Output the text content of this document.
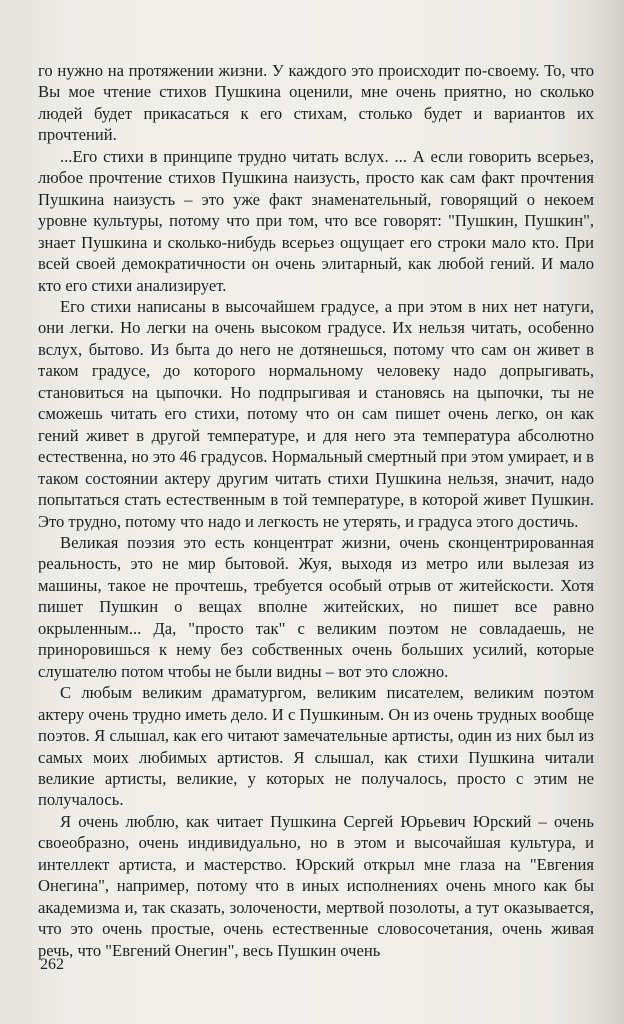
го нужно на протяжении жизни. У каждого это происходит по-своему. То, что Вы мое чтение стихов Пушкина оценили, мне очень приятно, но сколько людей будет прикасаться к его стихам, столько будет и вариантов их прочтений.

...Его стихи в принципе трудно читать вслух. ... А если говорить всерьез, любое прочтение стихов Пушкина наизусть, просто как сам факт прочтения Пушкина наизусть – это уже факт знаменательный, говорящий о некоем уровне культуры, потому что при том, что все говорят: "Пушкин, Пушкин", знает Пушкина и сколько-нибудь всерьез ощущает его строки мало кто. При всей своей демократичности он очень элитарный, как любой гений. И мало кто его стихи анализирует.

Его стихи написаны в высочайшем градусе, а при этом в них нет натуги, они легки. Но легки на очень высоком градусе. Их нельзя читать, особенно вслух, бытово. Из быта до него не дотянешься, потому что сам он живет в таком градусе, до которого нормальному человеку надо допрыгивать, становиться на цыпочки. Но подпрыгивая и становясь на цыпочки, ты не сможешь читать его стихи, потому что он сам пишет очень легко, он как гений живет в другой температуре, и для него эта температура абсолютно естественна, но это 46 градусов. Нормальный смертный при этом умирает, и в таком состоянии актеру другим читать стихи Пушкина нельзя, значит, надо попытаться стать естественным в той температуре, в которой живет Пушкин. Это трудно, потому что надо и легкость не утерять, и градуса этого достичь.

Великая поэзия это есть концентрат жизни, очень сконцентрированная реальность, это не мир бытовой. Жуя, выходя из метро или вылезая из машины, такое не прочтешь, требуется особый отрыв от житейскости. Хотя пишет Пушкин о вещах вполне житейских, но пишет все равно окрыленным... Да, "просто так" с великим поэтом не совладаешь, не приноровишься к нему без собственных очень больших усилий, которые слушателю потом чтобы не были видны – вот это сложно.

С любым великим драматургом, великим писателем, великим поэтом актеру очень трудно иметь дело. И с Пушкиным. Он из очень трудных вообще поэтов. Я слышал, как его читают замечательные артисты, один из них был из самых моих любимых артистов. Я слышал, как стихи Пушкина читали великие артисты, великие, у которых не получалось, просто с этим не получалось.

Я очень люблю, как читает Пушкина Сергей Юрьевич Юрский – очень своеобразно, очень индивидуально, но в этом и высочайшая культура, и интеллект артиста, и мастерство. Юрский открыл мне глаза на "Евгения Онегина", например, потому что в иных исполнениях очень много как бы академизма и, так сказать, золочености, мертвой позолоты, а тут оказывается, что это очень простые, очень естественные словосочетания, очень живая речь, что "Евгений Онегин", весь Пушкин очень

262
